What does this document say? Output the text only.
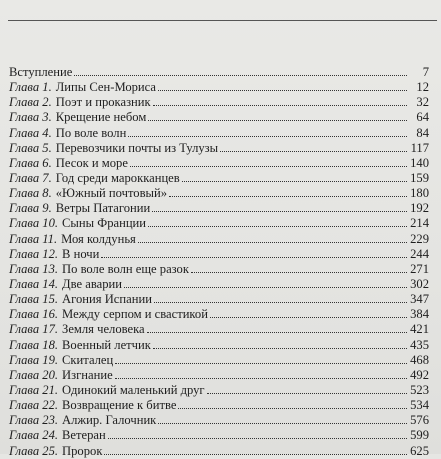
Вступление	7
Глава 1. Липы Сен-Мориса	12
Глава 2. Поэт и проказник	32
Глава 3. Крещение небом	64
Глава 4. По воле волн	84
Глава 5. Перевозчики почты из Тулузы	117
Глава 6. Песок и море	140
Глава 7. Год среди марокканцев	159
Глава 8. «Южный почтовый»	180
Глава 9. Ветры Патагонии	192
Глава 10. Сыны Франции	214
Глава 11. Моя колдунья	229
Глава 12. В ночи	244
Глава 13. По воле волн еще разок	271
Глава 14. Две аварии	302
Глава 15. Агония Испании	347
Глава 16. Между серпом и свастикой	384
Глава 17. Земля человека	421
Глава 18. Военный летчик	435
Глава 19. Скиталец	468
Глава 20. Изгнание	492
Глава 21. Одинокий маленький друг	523
Глава 22. Возвращение к битве	534
Глава 23. Алжир. Галочник	576
Глава 24. Ветеран	599
Глава 25. Пророк	625
